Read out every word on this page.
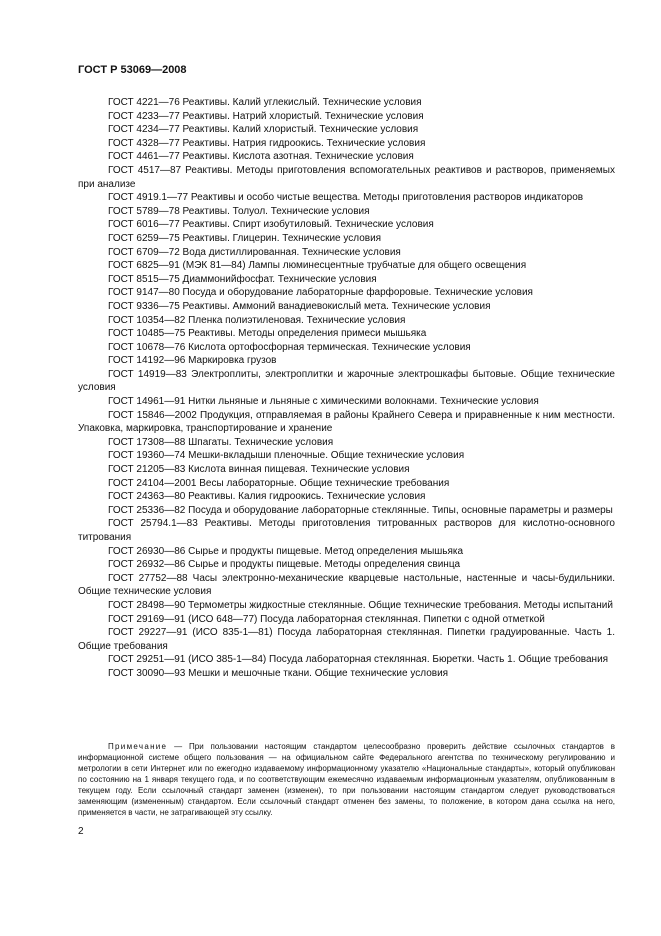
ГОСТ Р 53069—2008

ГОСТ 4221—76 Реактивы. Калий углекислый. Технические условия

ГОСТ 4233—77 Реактивы. Натрий хлористый. Технические условия

ГОСТ 4234—77 Реактивы. Калий хлористый. Технические условия

ГОСТ 4328—77 Реактивы. Натрия гидроокись. Технические условия

ГОСТ 4461—77 Реактивы. Кислота азотная. Технические условия

ГОСТ 4517—87 Реактивы. Методы приготовления вспомогательных реактивов и растворов, применяемых при анализе

ГОСТ 4919.1—77 Реактивы и особо чистые вещества. Методы приготовления растворов индикаторов

ГОСТ 5789—78 Реактивы. Толуол. Технические условия

ГОСТ 6016—77 Реактивы. Спирт изобутиловый. Технические условия

ГОСТ 6259—75 Реактивы. Глицерин. Технические условия

ГОСТ 6709—72 Вода дистиллированная. Технические условия

ГОСТ 6825—91 (МЭК 81—84) Лампы люминесцентные трубчатые для общего освещения

ГОСТ 8515—75 Диаммонийфосфат. Технические условия

ГОСТ 9147—80 Посуда и оборудование лабораторные фарфоровые. Технические условия

ГОСТ 9336—75 Реактивы. Аммоний ванадиевокислый мета. Технические условия

ГОСТ 10354—82 Пленка полиэтиленовая. Технические условия

ГОСТ 10485—75 Реактивы. Методы определения примеси мышьяка

ГОСТ 10678—76 Кислота ортофосфорная термическая. Технические условия

ГОСТ 14192—96 Маркировка грузов

ГОСТ 14919—83 Электроплиты, электроплитки и жарочные электрошкафы бытовые. Общие технические условия

ГОСТ 14961—91 Нитки льняные и льняные с химическими волокнами. Технические условия

ГОСТ 15846—2002 Продукция, отправляемая в районы Крайнего Севера и приравненные к ним местности. Упаковка, маркировка, транспортирование и хранение

ГОСТ 17308—88 Шпагаты. Технические условия

ГОСТ 19360—74 Мешки-вкладыши пленочные. Общие технические условия

ГОСТ 21205—83 Кислота винная пищевая. Технические условия

ГОСТ 24104—2001 Весы лабораторные. Общие технические требования

ГОСТ 24363—80 Реактивы. Калия гидроокись. Технические условия

ГОСТ 25336—82 Посуда и оборудование лабораторные стеклянные. Типы, основные параметры и размеры

ГОСТ 25794.1—83 Реактивы. Методы приготовления титрованных растворов для кислотно-основного титрования

ГОСТ 26930—86 Сырье и продукты пищевые. Метод определения мышьяка

ГОСТ 26932—86 Сырье и продукты пищевые. Методы определения свинца

ГОСТ 27752—88 Часы электронно-механические кварцевые настольные, настенные и часы-будильники. Общие технические условия

ГОСТ 28498—90 Термометры жидкостные стеклянные. Общие технические требования. Методы испытаний

ГОСТ 29169—91 (ИСО 648—77) Посуда лабораторная стеклянная. Пипетки с одной отметкой

ГОСТ 29227—91 (ИСО 835-1—81) Посуда лабораторная стеклянная. Пипетки градуированные. Часть 1. Общие требования

ГОСТ 29251—91 (ИСО 385-1—84) Посуда лабораторная стеклянная. Бюретки. Часть 1. Общие требования

ГОСТ 30090—93 Мешки и мешочные ткани. Общие технические условия

Примечание — При пользовании настоящим стандартом целесообразно проверить действие ссылочных стандартов в информационной системе общего пользования — на официальном сайте Федерального агентства по техническому регулированию и метрологии в сети Интернет или по ежегодно издаваемому информационному указателю «Национальные стандарты», который опубликован по состоянию на 1 января текущего года, и по соответствующим ежемесячно издаваемым информационным указателям, опубликованным в текущем году. Если ссылочный стандарт заменен (изменен), то при пользовании настоящим стандартом следует руководствоваться заменяющим (измененным) стандартом. Если ссылочный стандарт отменен без замены, то положение, в котором дана ссылка на него, применяется в части, не затрагивающей эту ссылку.
2
